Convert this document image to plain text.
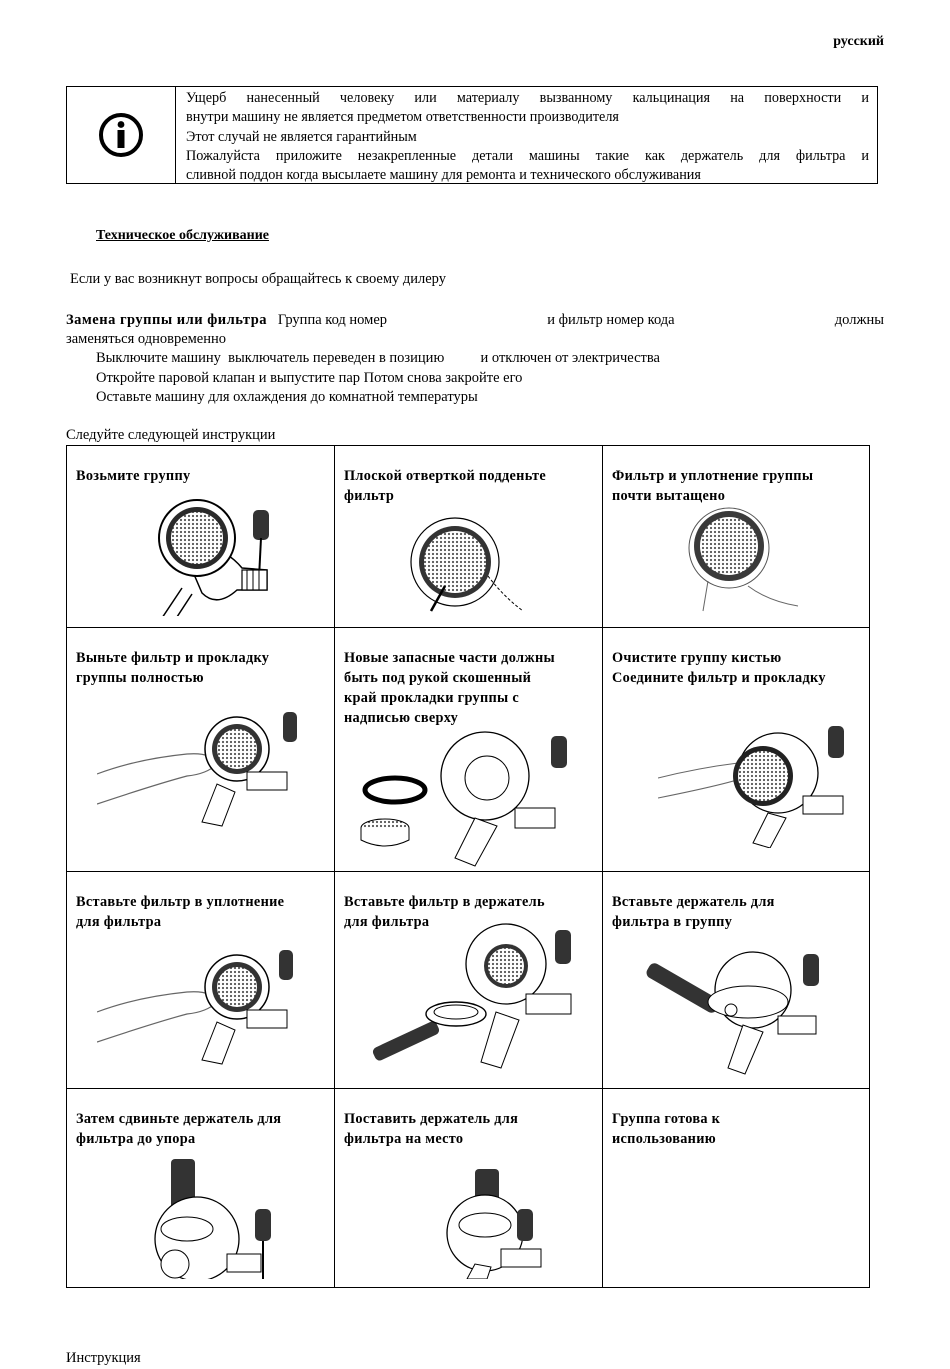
русский
Ущерб нанесенный человеку или материалу вызванному кальцинация на поверхности и
внутри машину не является предметом ответственности производителя
Этот случай не является гарантийным
Пожалуйста приложите незакрепленные детали машины такие как держатель для фильтра и
сливной поддон когда высылаете машину для ремонта и технического обслуживания
Техническое обслуживание
Если у вас возникнут вопросы обращайтесь к своему дилеру
Замена группы или фильтра Группа код номер	и фильтр номер кода	должны
заменяться одновременно
Выключите машину  выключатель переведен в позицию          и отключен от электричества
Откройте паровой клапан и выпустите пар Потом снова закройте его
Оставьте машину для охлаждения до комнатной температуры
Следуйте следующей инструкции
Возьмите группу	Плоской отверткой подденьте
фильтр
Фильтр и уплотнение группы
почти вытащено
Выньте фильтр и прокладку
группы полностью
Новые запасные части должны
быть под рукой скошенный
край прокладки группы с
надписью сверху
Очистите группу кистью
Соедините фильтр и прокладку
Вставьте фильтр в уплотнение
для фильтра
Вставьте фильтр в держатель
для фильтра
Вставьте держатель для
фильтра в группу
Затем сдвиньте держатель для
фильтра до упора
Поставить держатель для
фильтра на место
Группа готова к
использованию
Инструкция
